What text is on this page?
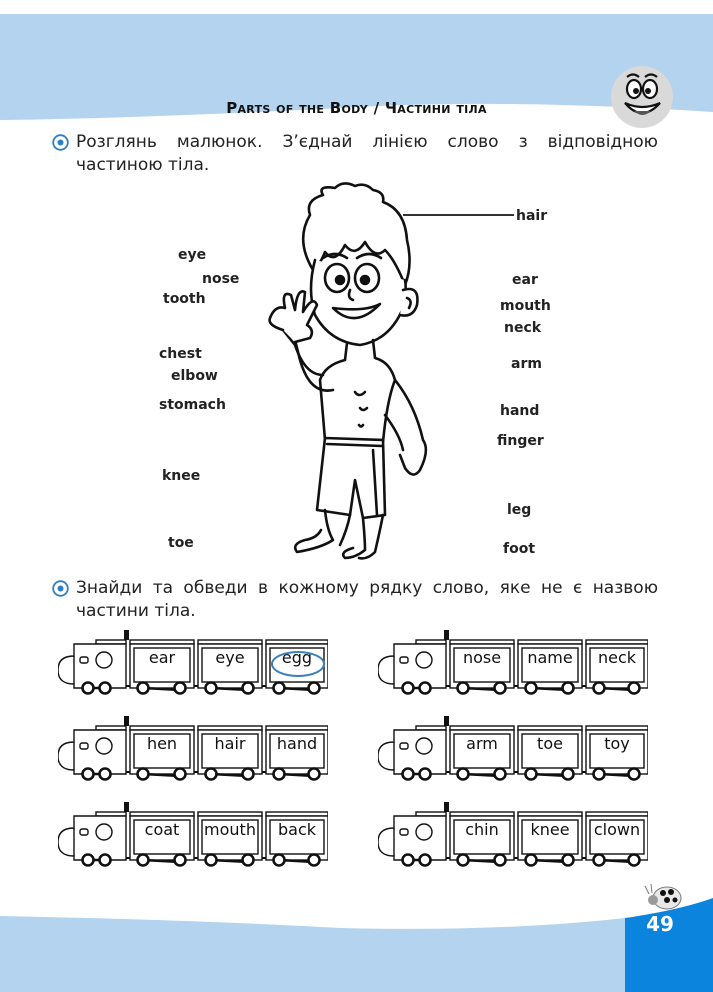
Parts of the Body / Частини тіла
Розглянь малюнок. З’єднай лінією слово з відповідною частиною тіла.
eye
nose
tooth
chest
elbow
stomach
knee
toe
hair
ear
mouth
neck
arm
hand
finger
leg
foot
Знайди та обведи в кожному рядку слово, яке не є назвою частини тіла.
ear	eye	egg	nose	name	neck
hen	hair	hand	arm	toe	toy
coat	mouth	back	chin	knee	clown
49
